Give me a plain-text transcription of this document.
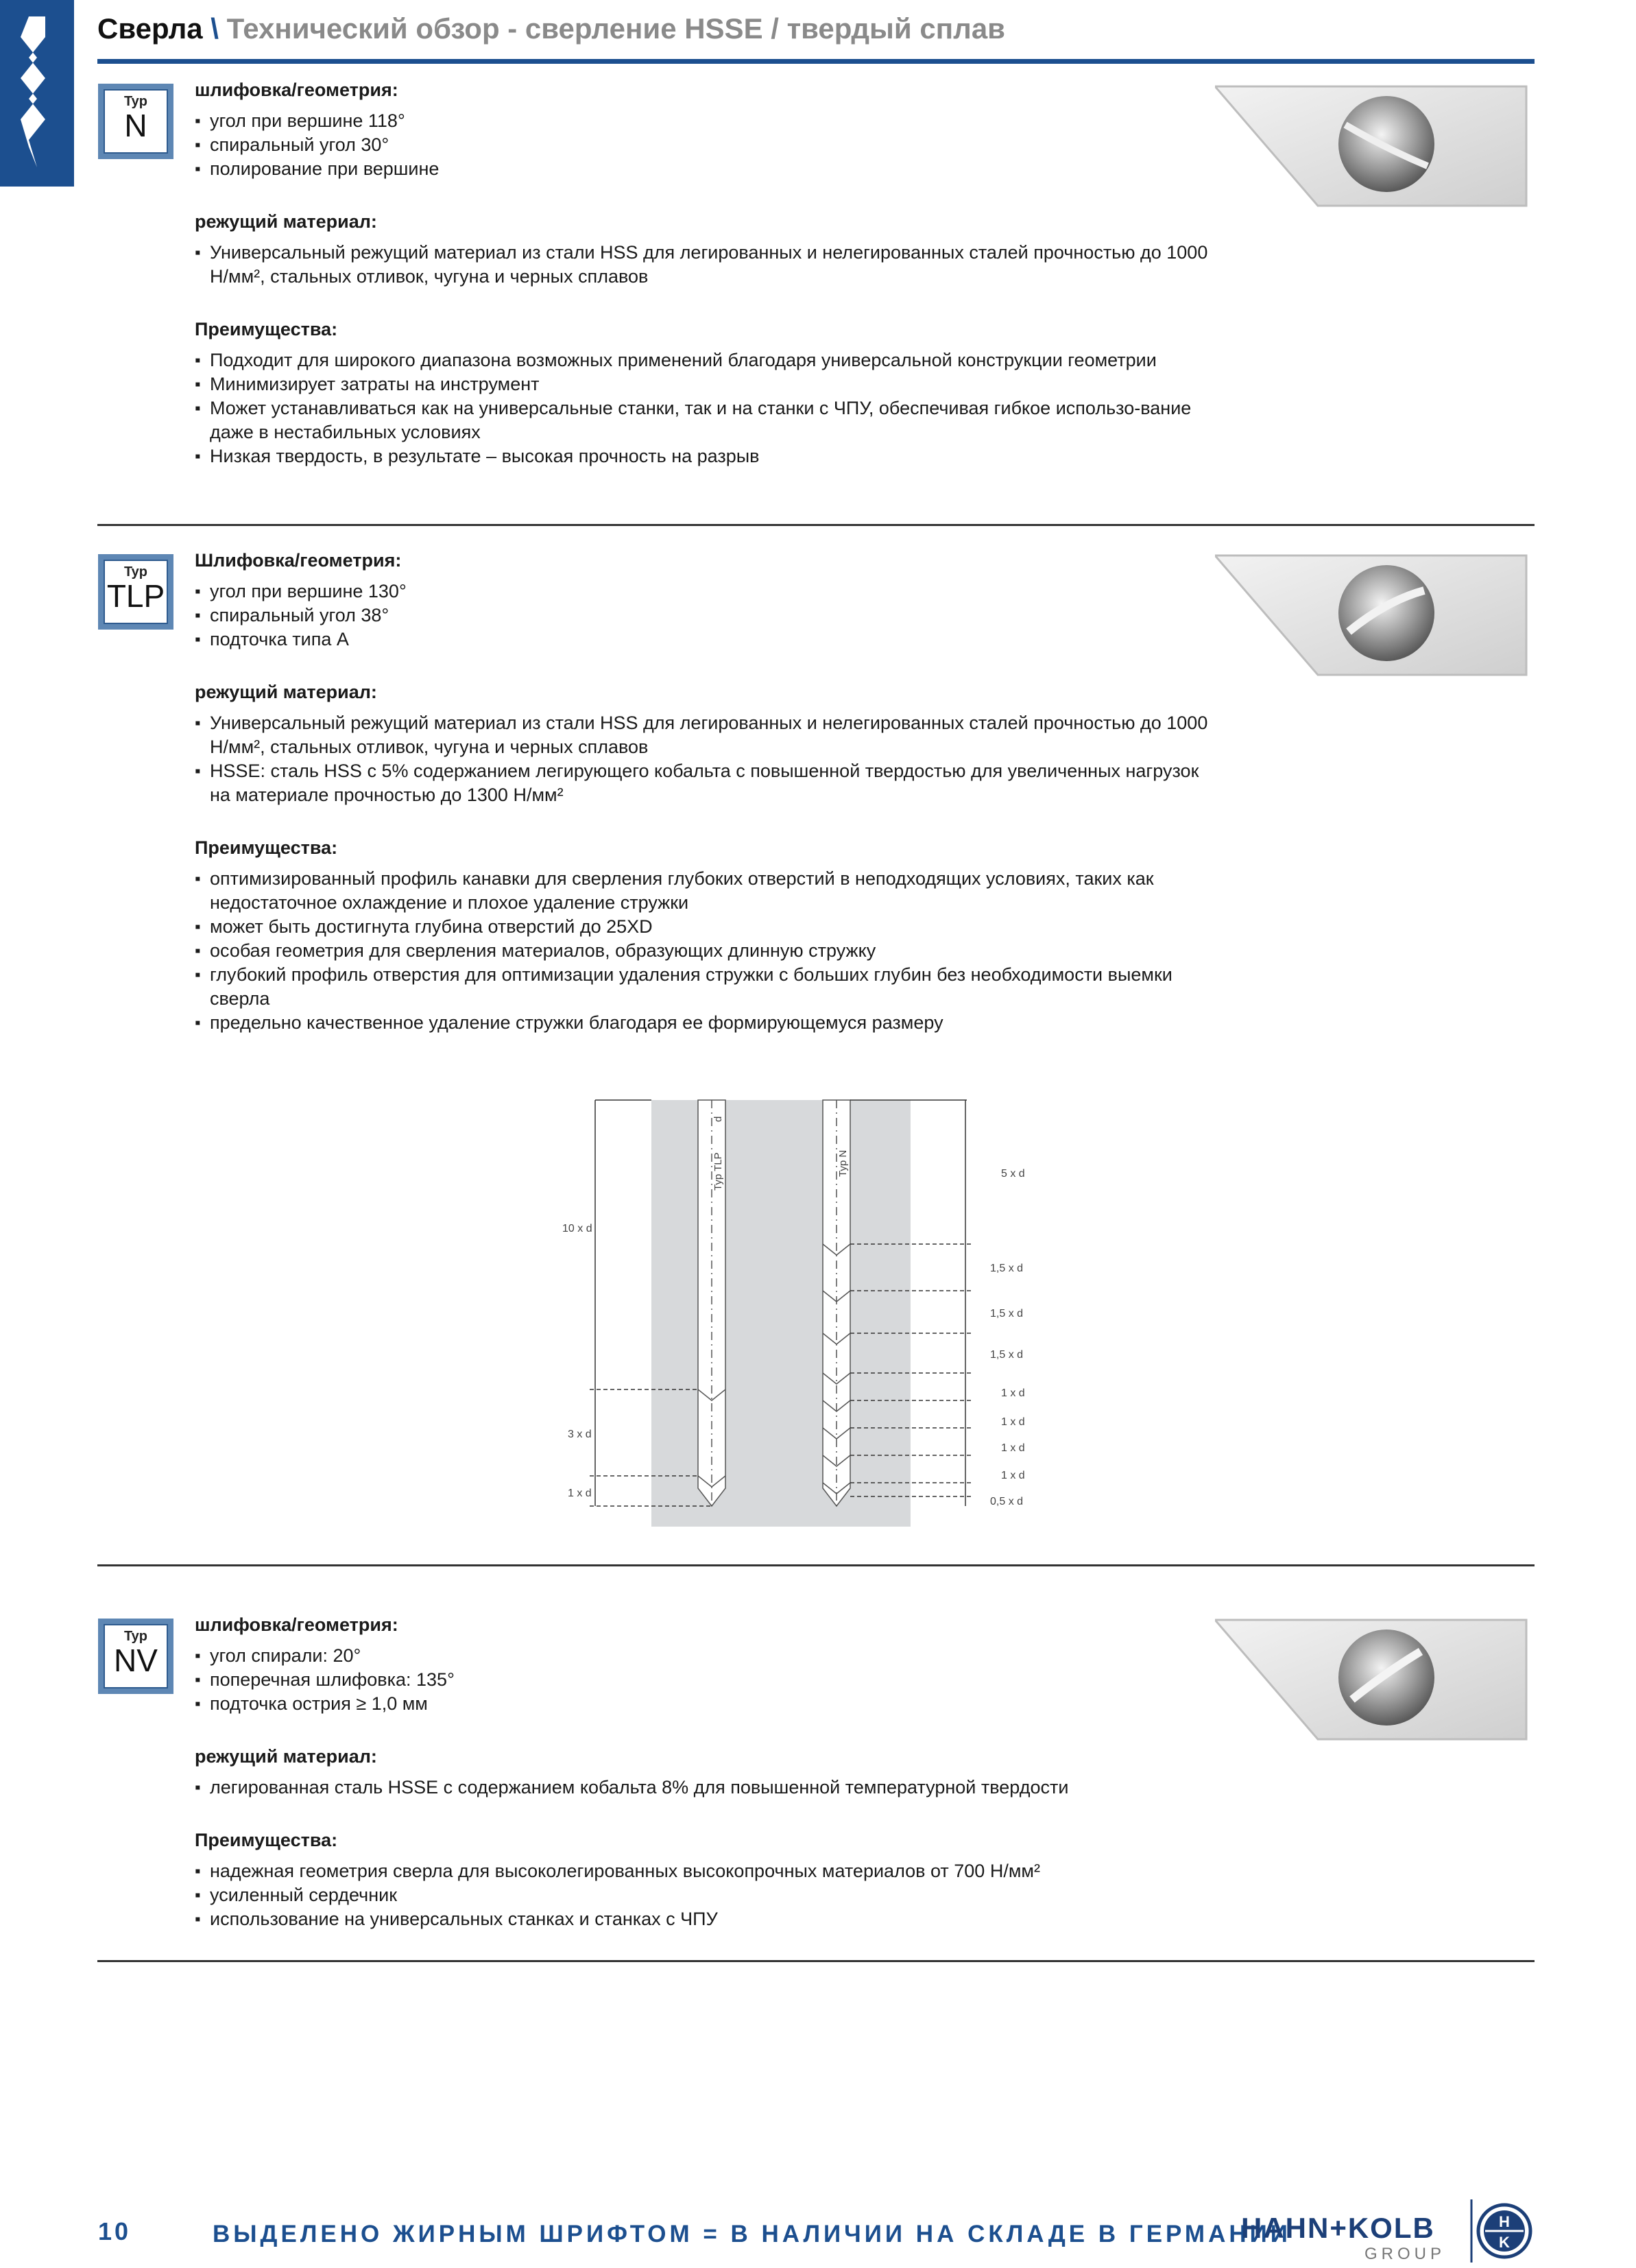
Сверла \ Технический обзор - сверление HSSE / твердый сплав
Typ
N
шлифовка/геометрия:
▪ угол при вершине 118°
▪ спиральный угол 30°
▪ полирование при вершине
режущий материал:
▪ Универсальный режущий материал из стали HSS для легированных и нелегированных сталей прочностью до 1000 Н/мм², стальных отливок, чугуна и черных сплавов
Преимущества:
▪ Подходит для широкого диапазона возможных применений благодаря универсальной конструкции геометрии
▪ Минимизирует затраты на инструмент
▪ Может устанавливаться как на универсальные станки, так и на станки с ЧПУ, обеспечивая гибкое использо-вание даже в нестабильных условиях
▪ Низкая твердость, в результате – высокая прочность на разрыв
Typ
TLP
Шлифовка/геометрия:
▪ угол при вершине 130°
▪ спиральный угол 38°
▪ подточка типа А
режущий материал:
▪ Универсальный режущий материал из стали HSS для легированных и нелегированных сталей прочностью до 1000 Н/мм², стальных отливок, чугуна и черных сплавов
▪ HSSE: сталь HSS с 5% содержанием легирующего кобальта с повышенной твердостью для увеличенных нагрузок на материале прочностью до 1300 Н/мм²
Преимущества:
▪ оптимизированный профиль канавки для сверления глубоких отверстий в неподходящих условиях, таких как недостаточное охлаждение и плохое удаление стружки
▪ может быть достигнута глубина отверстий до 25XD
▪ особая геометрия для сверления материалов, образующих длинную стружку
▪ глубокий профиль отверстия для оптимизации удаления стружки с больших глубин без необходимости выемки сверла
▪ предельно качественное удаление стружки благодаря ее формирующемуся размеру
Typ TLP
d
Typ N
10 x d
3 x d
1 x d
5 x d
1,5 x d
1,5 x d
1,5 x d
1 x d
1 x d
1 x d
1 x d
0,5 x d
Typ
NV
шлифовка/геометрия:
▪ угол спирали: 20°
▪ поперечная шлифовка: 135°
▪ подточка острия ≥ 1,0 мм
режущий материал:
▪ легированная сталь HSSE с содержанием кобальта 8% для повышенной температурной твердости
Преимущества:
▪ надежная геометрия сверла для высоколегированных высокопрочных материалов от 700 Н/мм²
▪ усиленный сердечник
▪ использование на универсальных станках и станках с ЧПУ
10	ВЫДЕЛЕНО ЖИРНЫМ ШРИФТОМ = В НАЛИЧИИ НА СКЛАДЕ В ГЕРМАНИИ
HAHN+KOLB
GROUP
H
K
